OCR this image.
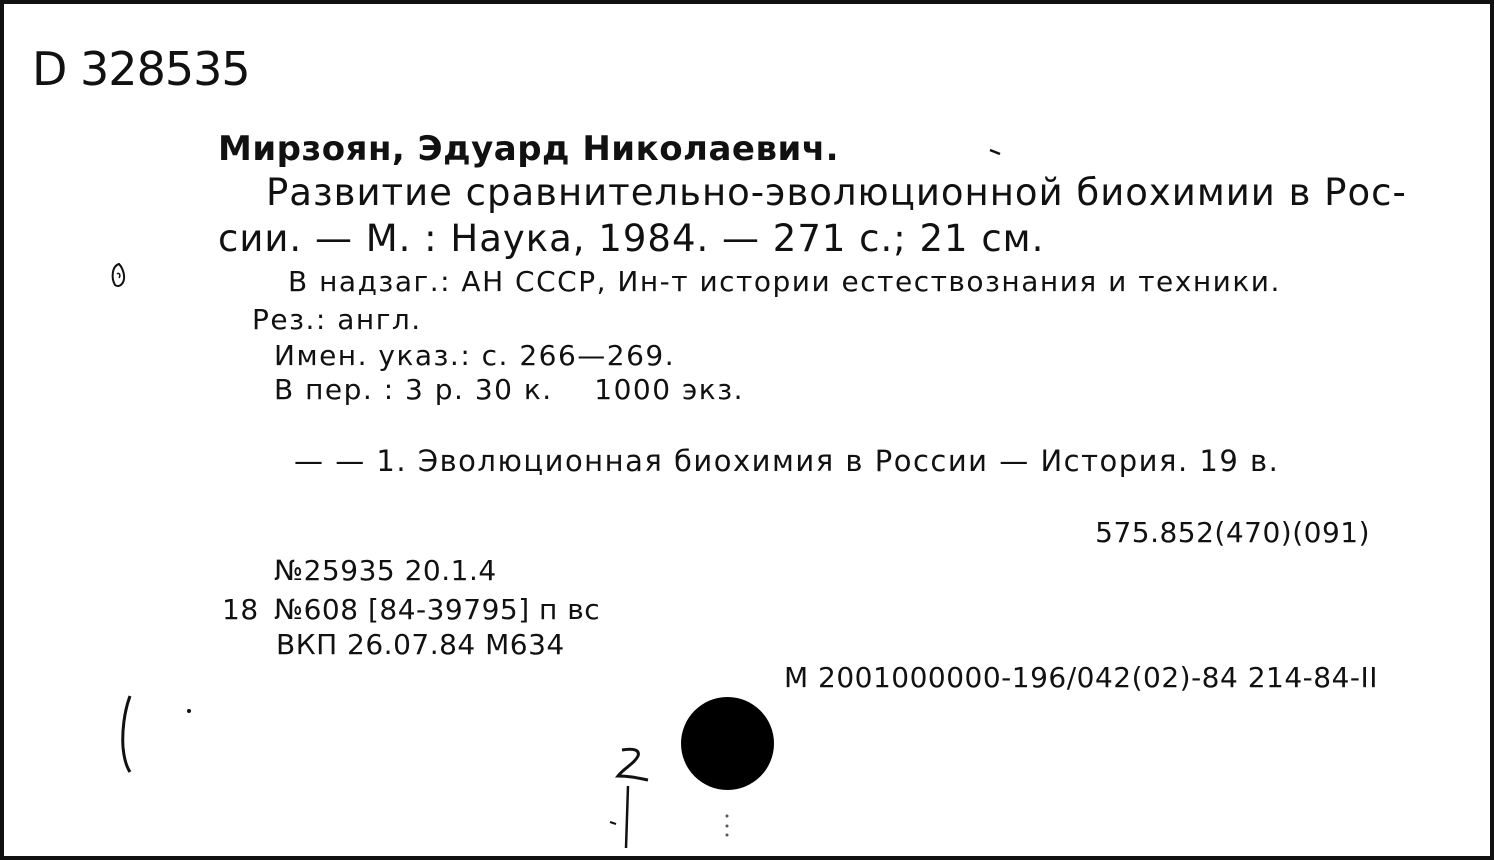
D 328535
Мирзоян, Эдуард Николаевич.
Развитие сравнительно-эволюционной биохимии в Рос-
сии. — М. : Наука, 1984. — 271 с.; 21 см.
В надзаг.: АН СССР, Ин-т истории естествознания и техники.
Рез.: англ.
Имен. указ.: с. 266—269.
В пер. : 3 р. 30 к.    1000 экз.
— — 1. Эволюционная биохимия в России — История. 19 в.
575.852(470)(091)
№25935 20.1.4
18 №608 [84-39795] п вс
ВКП 26.07.84 М634
М 2001000000-196/042(02)-84 214-84-II
